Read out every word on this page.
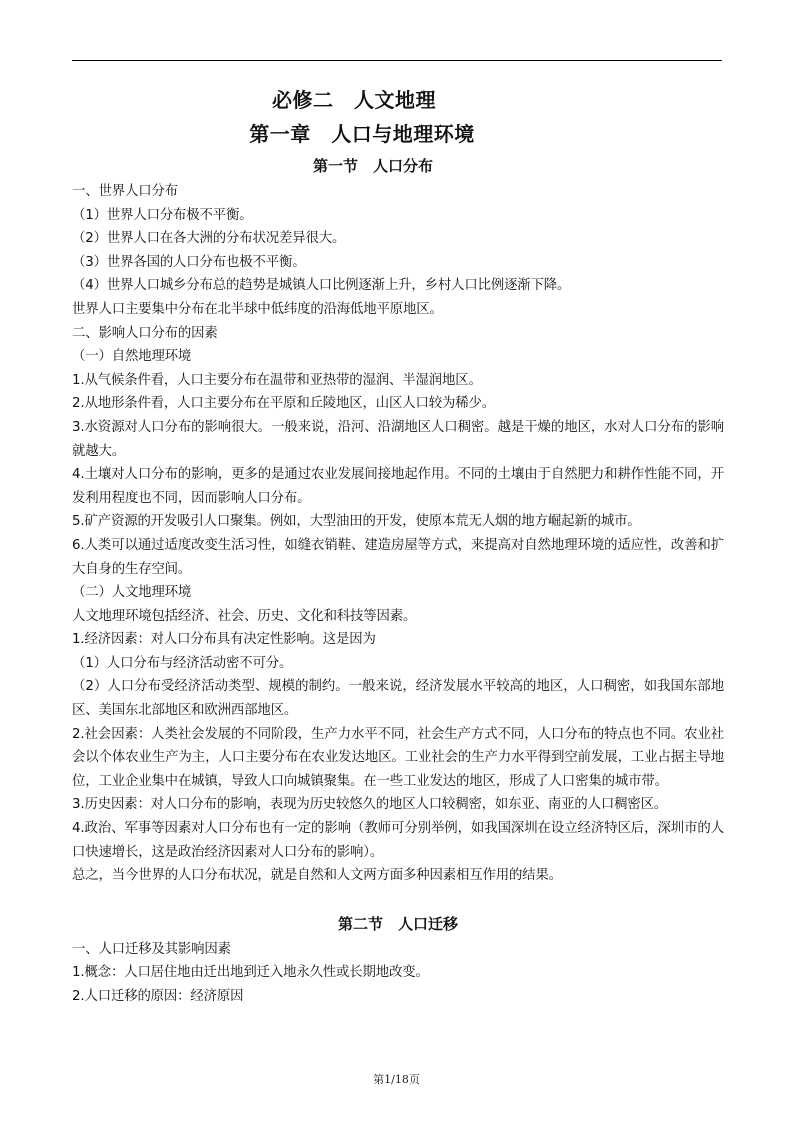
必修二　人文地理
第一章　人口与地理环境
第一节　人口分布

一、世界人口分布

（1）世界人口分布极不平衡。

（2）世界人口在各大洲的分布状况差异很大。

（3）世界各国的人口分布也极不平衡。

（4）世界人口城乡分布总的趋势是城镇人口比例逐渐上升，乡村人口比例逐渐下降。

世界人口主要集中分布在北半球中低纬度的沿海低地平原地区。

二、影响人口分布的因素

（一）自然地理环境

1.从气候条件看，人口主要分布在温带和亚热带的湿润、半湿润地区。

2.从地形条件看，人口主要分布在平原和丘陵地区，山区人口较为稀少。

3.水资源对人口分布的影响很大。一般来说，沿河、沿湖地区人口稠密。越是干燥的地区，水对人口分布的影响就越大。

4.土壤对人口分布的影响，更多的是通过农业发展间接地起作用。不同的土壤由于自然肥力和耕作性能不同，开发利用程度也不同，因而影响人口分布。

5.矿产资源的开发吸引人口聚集。例如，大型油田的开发，使原本荒无人烟的地方崛起新的城市。

6.人类可以通过适度改变生活习性，如缝衣销鞋、建造房屋等方式，来提高对自然地理环境的适应性，改善和扩大自身的生存空间。

（二）人文地理环境

人文地理环境包括经济、社会、历史、文化和科技等因素。

1.经济因素：对人口分布具有决定性影响。这是因为

（1）人口分布与经济活动密不可分。

（2）人口分布受经济活动类型、规模的制约。一般来说，经济发展水平较高的地区，人口稠密，如我国东部地区、美国东北部地区和欧洲西部地区。

2.社会因素：人类社会发展的不同阶段，生产力水平不同，社会生产方式不同，人口分布的特点也不同。农业社会以个体农业生产为主，人口主要分布在农业发达地区。工业社会的生产力水平得到空前发展，工业占据主导地位，工业企业集中在城镇，导致人口向城镇聚集。在一些工业发达的地区，形成了人口密集的城市带。

3.历史因素：对人口分布的影响，表现为历史较悠久的地区人口较稠密，如东亚、南亚的人口稠密区。

4.政治、军事等因素对人口分布也有一定的影响（教师可分别举例，如我国深圳在设立经济特区后，深圳市的人口快速增长，这是政治经济因素对人口分布的影响）。

总之，当今世界的人口分布状况，就是自然和人文两方面多种因素相互作用的结果。

第二节　人口迁移

一、人口迁移及其影响因素

1.概念：人口居住地由迁出地到迁入地永久性或长期地改变。

2.人口迁移的原因：经济原因

第1/18页
